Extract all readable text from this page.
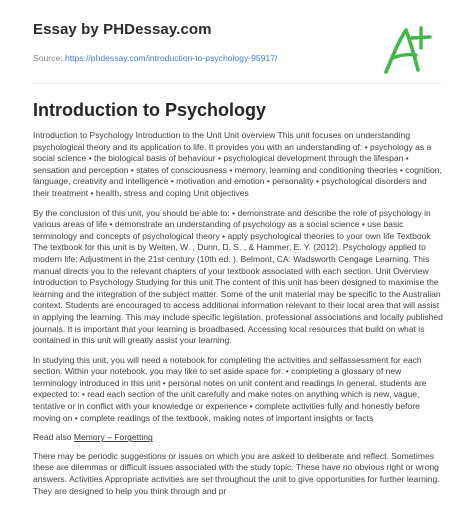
Essay by PHDessay.com
Source: https://phdessay.com/introduction-to-psychology-95917/
Introduction to Psychology

Introduction to Psychology Introduction to the Unit Unit overview This unit focuses on understanding psychological theory and its application to life. It provides you with an understanding of: • psychology as a social science • the biological basis of behaviour • psychological development through the lifespan • sensation and perception • states of consciousness • memory, learning and conditioning theories • cognition, language, creativity and intelligence • motivation and emotion • personality • psychological disorders and their treatment • health, stress and coping Unit objectives

By the conclusion of this unit, you should be able to: • demonstrate and describe the role of psychology in various areas of life • demonstrate an understanding of psychology as a social science • use basic terminology and concepts of psychological theory • apply psychological theories to your own life Textbook The textbook for this unit is by Weiten, W. , Dunn, D. S. , & Hammer, E. Y. (2012). Psychology applied to modern life: Adjustment in the 21st century (10th ed. ). Belmont, CA: Wadsworth Cengage Learning. This manual directs you to the relevant chapters of your textbook associated with each section. Unit Overview Introduction to Psychology Studying for this unit The content of this unit has been designed to maximise the learning and the integration of the subject matter. Some of the unit material may be specific to the Australian context. Students are encouraged to access additional information relevant to their local area that will assist in applying the learning. This may include specific legislation, professional associations and locally published journals. It is important that your learning is broadbased. Accessing local resources that build on what is contained in this unit will greatly assist your learning.

In studying this unit, you will need a notebook for completing the activities and selfassessment for each section. Within your notebook, you may like to set aside space for: • completing a glossary of new terminology introduced in this unit • personal notes on unit content and readings In general, students are expected to: • read each section of the unit carefully and make notes on anything which is new, vague, tentative or in conflict with your knowledge or experience • complete activities fully and honestly before moving on • complete readings of the textbook, making notes of important insights or facts

Read also Memory – Forgetting

There may be periodic suggestions or issues on which you are asked to deliberate and reflect. Sometimes these are dilemmas or difficult issues associated with the study topic. These have no obvious right or wrong answers. Activities Appropriate activities are set throughout the unit to give opportunities for further learning. They are designed to help you think through and pr
